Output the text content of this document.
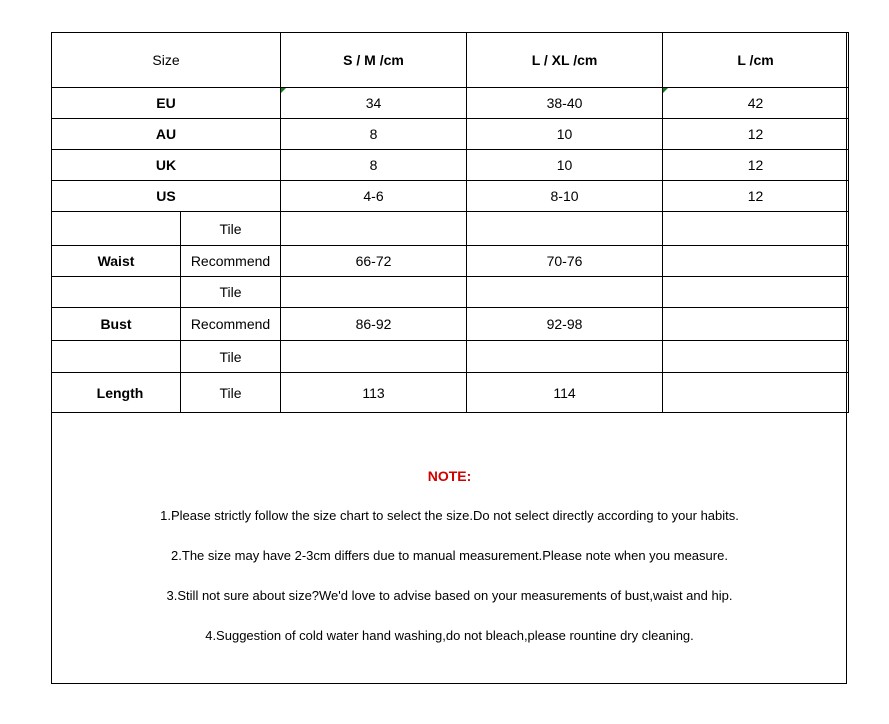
Size		S / M /cm	L / XL /cm	L /cm
EU		34	38-40	42
AU		8	10	12
UK		8	10	12
US		4-6	8-10	12
	Tile			
Waist	Recommend	66-72	70-76	
	Tile			
Bust	Recommend	86-92	92-98	
	Tile			
Length	Tile	113	114	
NOTE:
1.Please strictly follow the size chart to select the size.Do not select directly according to your habits.
2.The size may have 2-3cm differs due to manual measurement.Please note when you measure.
3.Still not sure about size?We'd love to advise based on your measurements of bust,waist and hip.
4.Suggestion of cold water hand washing,do not bleach,please rountine dry cleaning.
